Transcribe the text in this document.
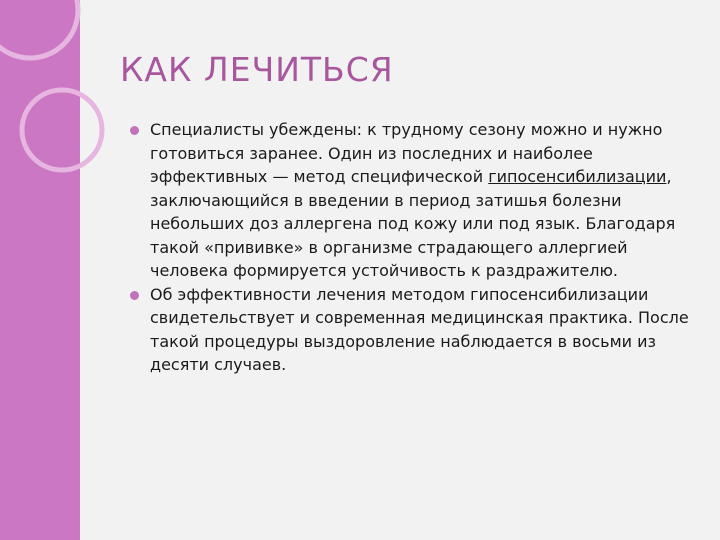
КАК ЛЕЧИТЬСЯ
Специалисты убеждены: к трудному сезону можно и нужно готовиться заранее. Один из последних и наиболее эффективных — метод специфической гипосенсибилизации, заключающийся в введении в период затишья болезни небольших доз аллергена под кожу или под язык. Благодаря такой «прививке» в организме страдающего аллергией человека формируется устойчивость к раздражителю.
Об эффективности лечения методом гипосенсибилизации свидетельствует и современная медицинская практика. После такой процедуры выздоровление наблюдается в восьми из десяти случаев.
